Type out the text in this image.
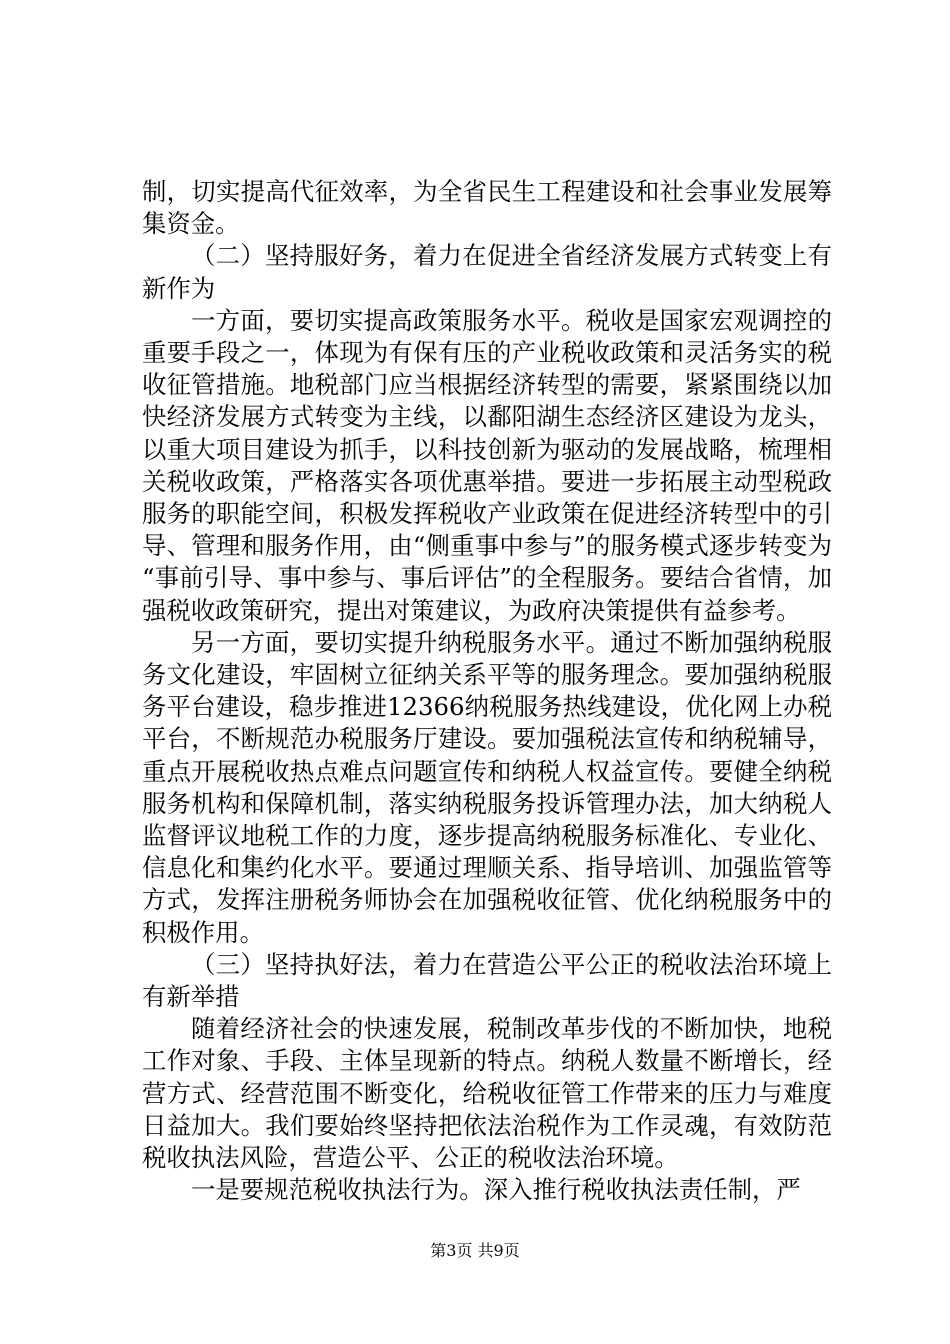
制，切实提高代征效率，为全省民生工程建设和社会事业发展筹集资金。

（二）坚持服好务，着力在促进全省经济发展方式转变上有新作为

一方面，要切实提高政策服务水平。税收是国家宏观调控的重要手段之一，体现为有保有压的产业税收政策和灵活务实的税收征管措施。地税部门应当根据经济转型的需要，紧紧围绕以加快经济发展方式转变为主线，以鄱阳湖生态经济区建设为龙头，以重大项目建设为抓手，以科技创新为驱动的发展战略，梳理相关税收政策，严格落实各项优惠举措。要进一步拓展主动型税政服务的职能空间，积极发挥税收产业政策在促进经济转型中的引导、管理和服务作用，由“侧重事中参与”的服务模式逐步转变为“事前引导、事中参与、事后评估”的全程服务。要结合省情，加强税收政策研究，提出对策建议，为政府决策提供有益参考。

另一方面，要切实提升纳税服务水平。通过不断加强纳税服务文化建设，牢固树立征纳关系平等的服务理念。要加强纳税服务平台建设，稳步推进12366纳税服务热线建设，优化网上办税平台，不断规范办税服务厅建设。要加强税法宣传和纳税辅导，重点开展税收热点难点问题宣传和纳税人权益宣传。要健全纳税服务机构和保障机制，落实纳税服务投诉管理办法，加大纳税人监督评议地税工作的力度，逐步提高纳税服务标准化、专业化、信息化和集约化水平。要通过理顺关系、指导培训、加强监管等方式，发挥注册税务师协会在加强税收征管、优化纳税服务中的积极作用。

（三）坚持执好法，着力在营造公平公正的税收法治环境上有新举措

随着经济社会的快速发展，税制改革步伐的不断加快，地税工作对象、手段、主体呈现新的特点。纳税人数量不断增长，经营方式、经营范围不断变化，给税收征管工作带来的压力与难度日益加大。我们要始终坚持把依法治税作为工作灵魂，有效防范税收执法风险，营造公平、公正的税收法治环境。

一是要规范税收执法行为。深入推行税收执法责任制，严

第3页 共9页
